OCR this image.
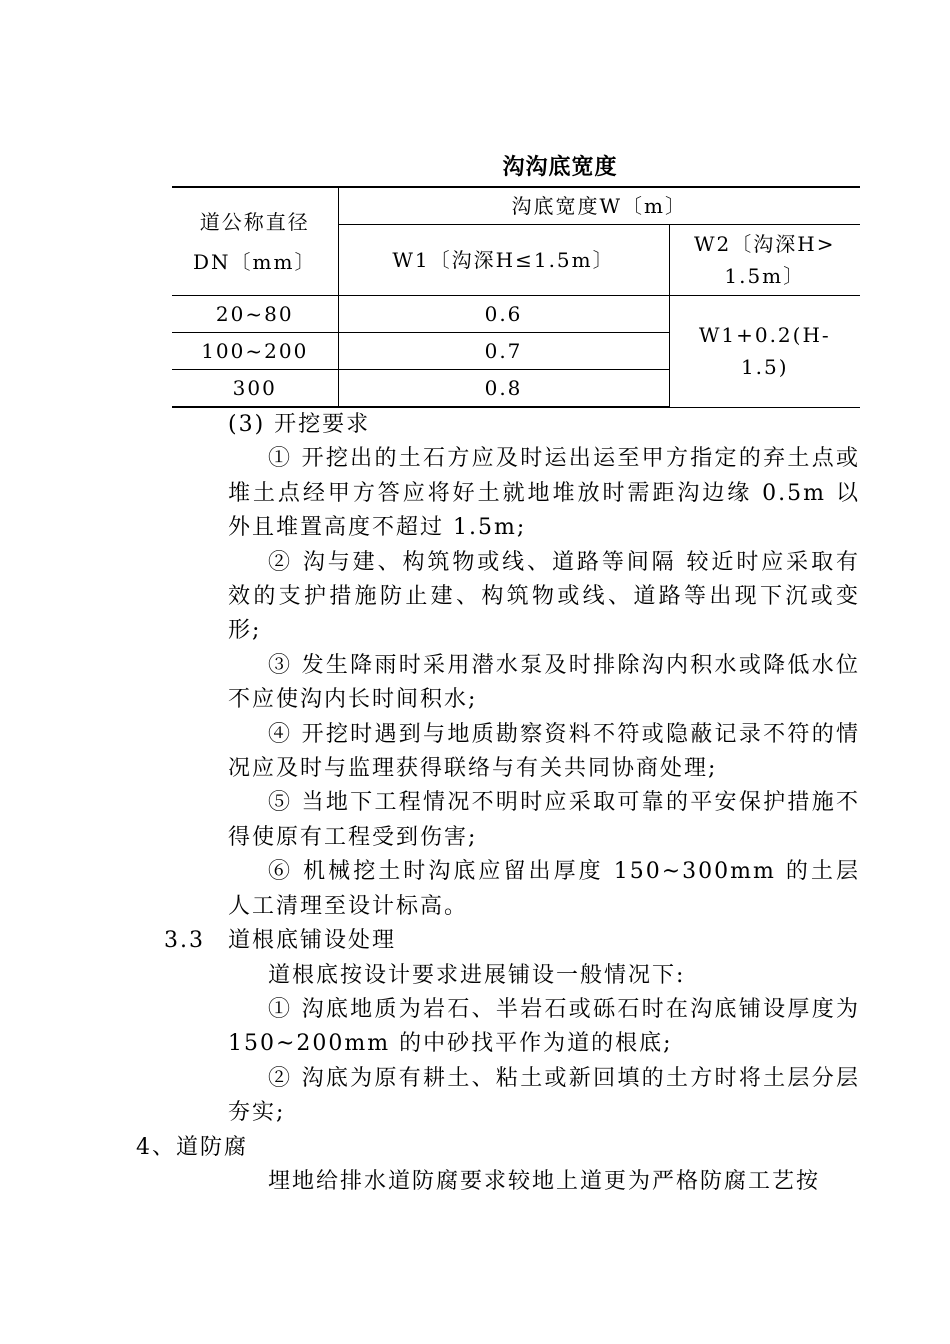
沟沟底宽度
道公称直径
DN〔mm〕	沟底宽度W〔m〕	
	W1〔沟深H≤1.5m〕	W2〔沟深H>
1.5m〕

20~80	0.6	W1+0.2(H-
1.5)

100~200	0.7	
300	0.8	

(3) 开挖要求

① 开挖出的土石方应及时运出运至甲方指定的弃土点或堆土点经甲方答应将好土就地堆放时需距沟边缘 0.5m 以外且堆置高度不超过 1.5m;

② 沟与建、构筑物或线、道路等间隔 较近时应采取有效的支护措施防止建、构筑物或线、道路等出现下沉或变形;

③ 发生降雨时采用潜水泵及时排除沟内积水或降低水位不应使沟内长时间积水;

④ 开挖时遇到与地质勘察资料不符或隐蔽记录不符的情况应及时与监理获得联络与有关共同协商处理;

⑤ 当地下工程情况不明时应采取可靠的平安保护措施不得使原有工程受到伤害;

⑥ 机械挖土时沟底应留出厚度 150~300mm 的土层人工清理至设计标高。

3.3 道根底铺设处理

道根底按设计要求进展铺设一般情况下:

① 沟底地质为岩石、半岩石或砾石时在沟底铺设厚度为 150~200mm 的中砂找平作为道的根底;

② 沟底为原有耕土、粘土或新回填的土方时将土层分层夯实;

4、道防腐

埋地给排水道防腐要求较地上道更为严格防腐工艺按
